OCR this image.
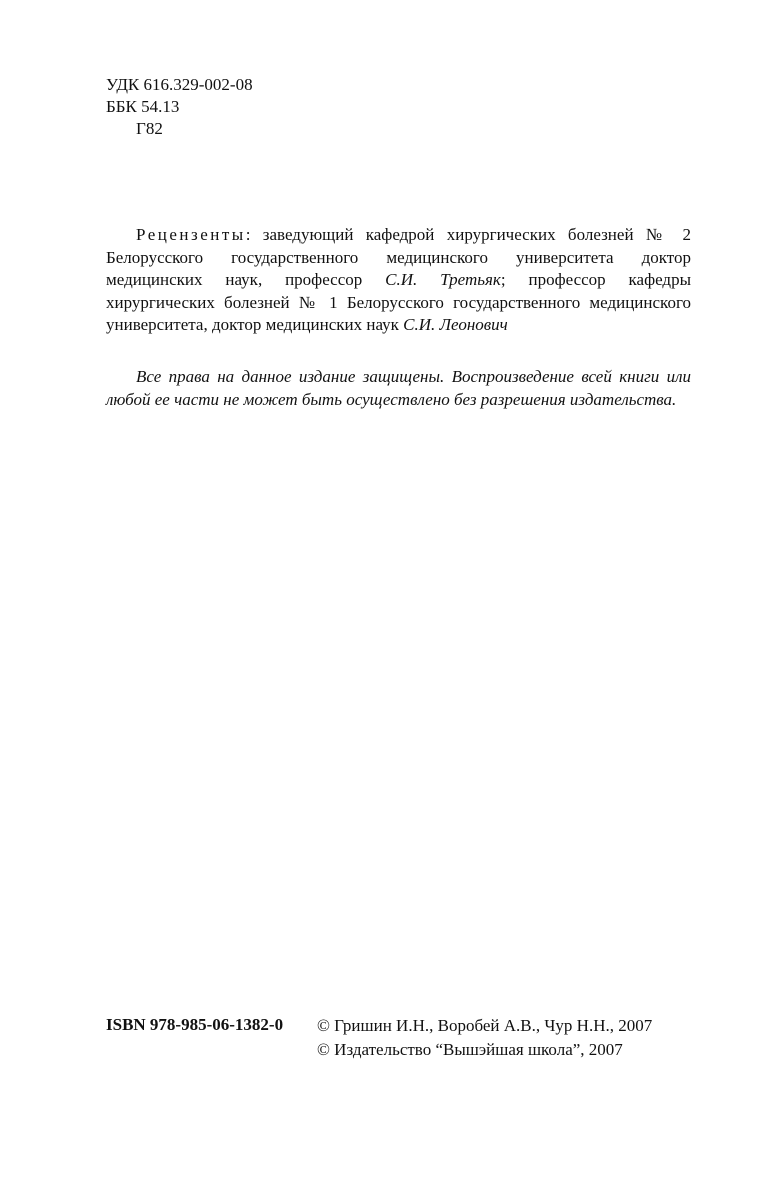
УДК 616.329-002-08
ББК 54.13
Г82
Рецензенты: заведующий кафедрой хирургических болезней № 2 Белорусского государственного медицинского университета доктор медицинских наук, профессор С.И. Третьяк; профессор кафедры хирургических болезней № 1 Белорусского государственного медицинского университета, доктор медицинских наук С.И. Леонович
Все права на данное издание защищены. Воспроизведение всей книги или любой ее части не может быть осуществлено без разрешения издательства.
ISBN 978-985-06-1382-0 © Гришин И.Н., Воробей А.В., Чур Н.Н., 2007
© Издательство “Вышэйшая школа”, 2007
